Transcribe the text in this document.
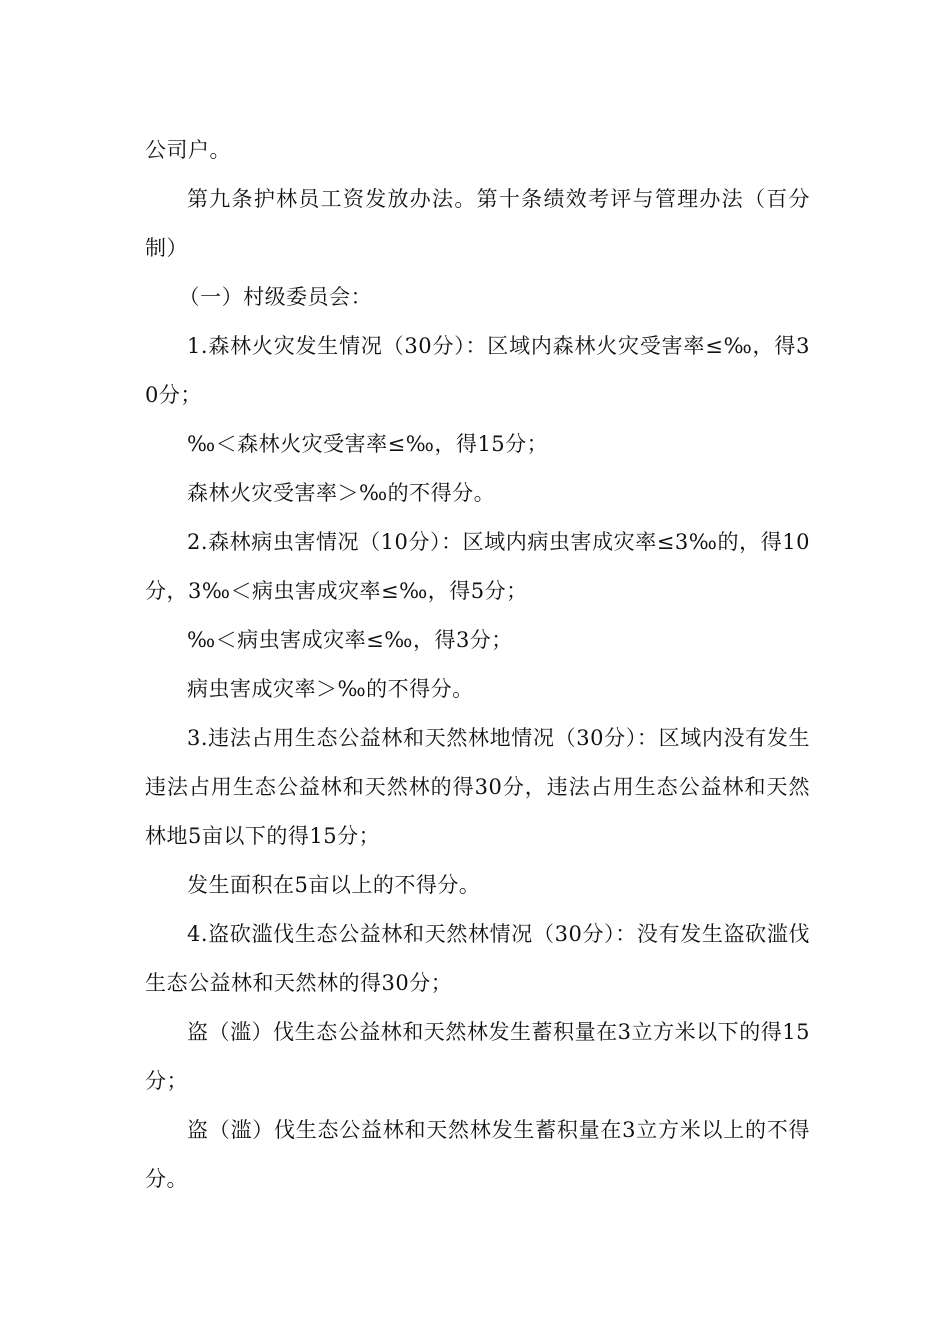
公司户。

第九条护林员工资发放办法。第十条绩效考评与管理办法（百分制）

（一）村级委员会：

1.森林火灾发生情况（30分）：区域内森林火灾受害率≤‰，得30分；

‰＜森林火灾受害率≤‰，得15分；

森林火灾受害率＞‰的不得分。

2.森林病虫害情况（10分）：区域内病虫害成灾率≤3‰的，得10分，3‰＜病虫害成灾率≤‰，得5分；

‰＜病虫害成灾率≤‰，得3分；

病虫害成灾率＞‰的不得分。

3.违法占用生态公益林和天然林地情况（30分）：区域内没有发生违法占用生态公益林和天然林的得30分，违法占用生态公益林和天然林地5亩以下的得15分；

发生面积在5亩以上的不得分。

4.盗砍滥伐生态公益林和天然林情况（30分）：没有发生盗砍滥伐生态公益林和天然林的得30分；

盗（滥）伐生态公益林和天然林发生蓄积量在3立方米以下的得15分；

盗（滥）伐生态公益林和天然林发生蓄积量在3立方米以上的不得分。
